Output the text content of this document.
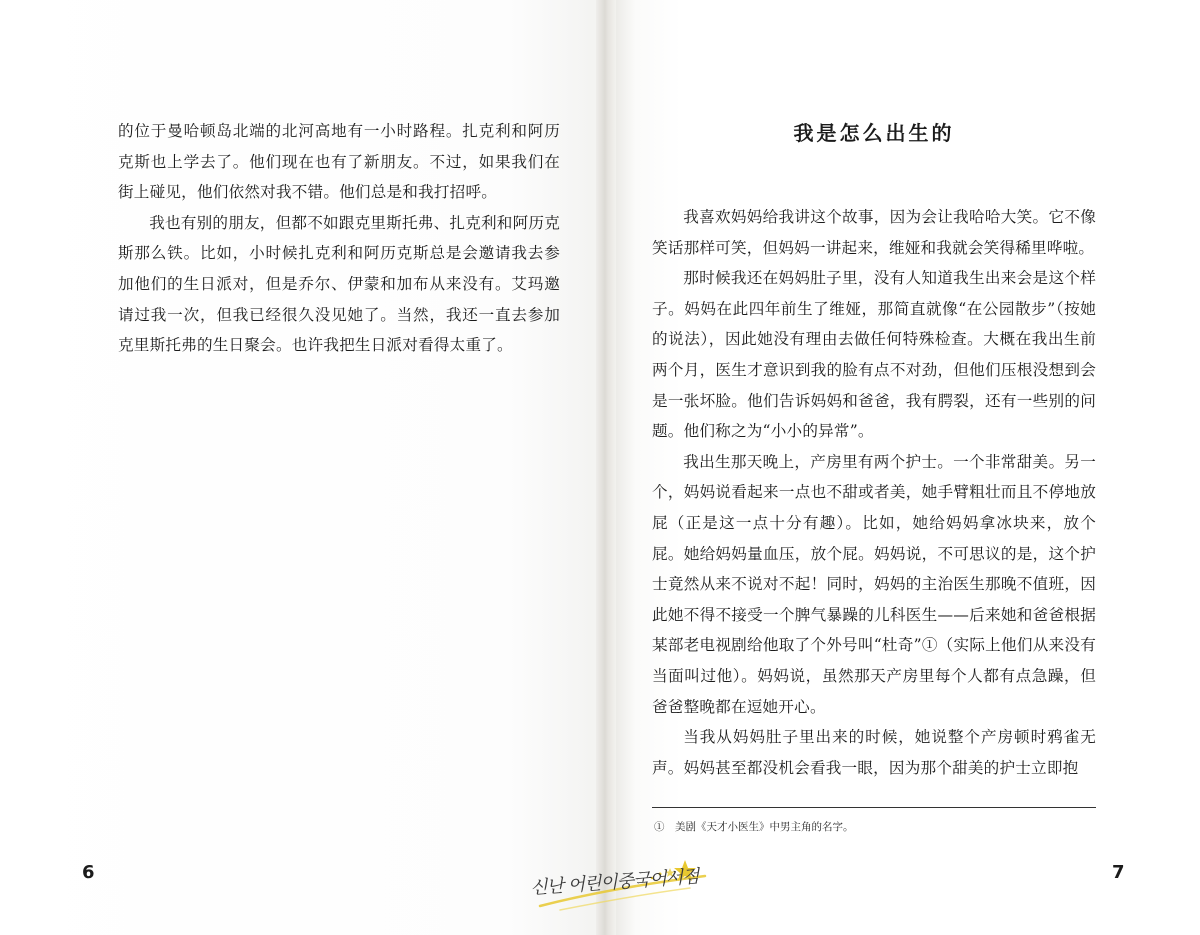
的位于曼哈顿岛北端的北河高地有一小时路程。扎克利和阿历克斯也上学去了。他们现在也有了新朋友。不过，如果我们在街上碰见，他们依然对我不错。他们总是和我打招呼。

我也有别的朋友，但都不如跟克里斯托弗、扎克利和阿历克斯那么铁。比如，小时候扎克利和阿历克斯总是会邀请我去参加他们的生日派对，但是乔尔、伊蒙和加布从来没有。艾玛邀请过我一次，但我已经很久没见她了。当然，我还一直去参加克里斯托弗的生日聚会。也许我把生日派对看得太重了。

我是怎么出生的

我喜欢妈妈给我讲这个故事，因为会让我哈哈大笑。它不像笑话那样可笑，但妈妈一讲起来，维娅和我就会笑得稀里哗啦。

那时候我还在妈妈肚子里，没有人知道我生出来会是这个样子。妈妈在此四年前生了维娅，那简直就像“在公园散步”（按她的说法），因此她没有理由去做任何特殊检查。大概在我出生前两个月，医生才意识到我的脸有点不对劲，但他们压根没想到会是一张坏脸。他们告诉妈妈和爸爸，我有腭裂，还有一些别的问题。他们称之为“小小的异常”。

我出生那天晚上，产房里有两个护士。一个非常甜美。另一个，妈妈说看起来一点也不甜或者美，她手臂粗壮而且不停地放屁（正是这一点十分有趣）。比如，她给妈妈拿冰块来，放个屁。她给妈妈量血压，放个屁。妈妈说，不可思议的是，这个护士竟然从来不说对不起！同时，妈妈的主治医生那晚不值班，因此她不得不接受一个脾气暴躁的儿科医生——后来她和爸爸根据某部老电视剧给他取了个外号叫“杜奇”①（实际上他们从来没有当面叫过他）。妈妈说，虽然那天产房里每个人都有点急躁，但爸爸整晚都在逗她开心。

当我从妈妈肚子里出来的时候，她说整个产房顿时鸦雀无声。妈妈甚至都没机会看我一眼，因为那个甜美的护士立即抱

①　美剧《天才小医生》中男主角的名字。
6	7
신난 어린이중국어서점
